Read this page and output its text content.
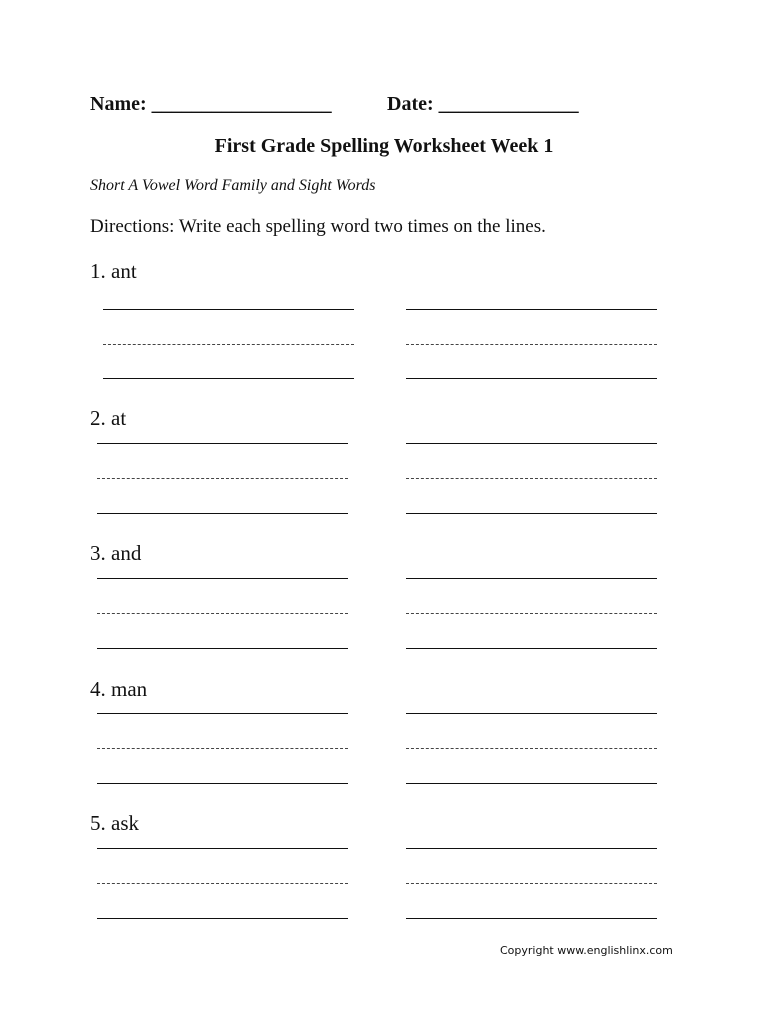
Name: __________________	Date: ______________
First Grade Spelling Worksheet Week 1
Short A Vowel Word Family and Sight Words
Directions: Write each spelling word two times on the lines.
1. ant
2. at
3. and
4. man
5. ask
Copyright www.englishlinx.com
